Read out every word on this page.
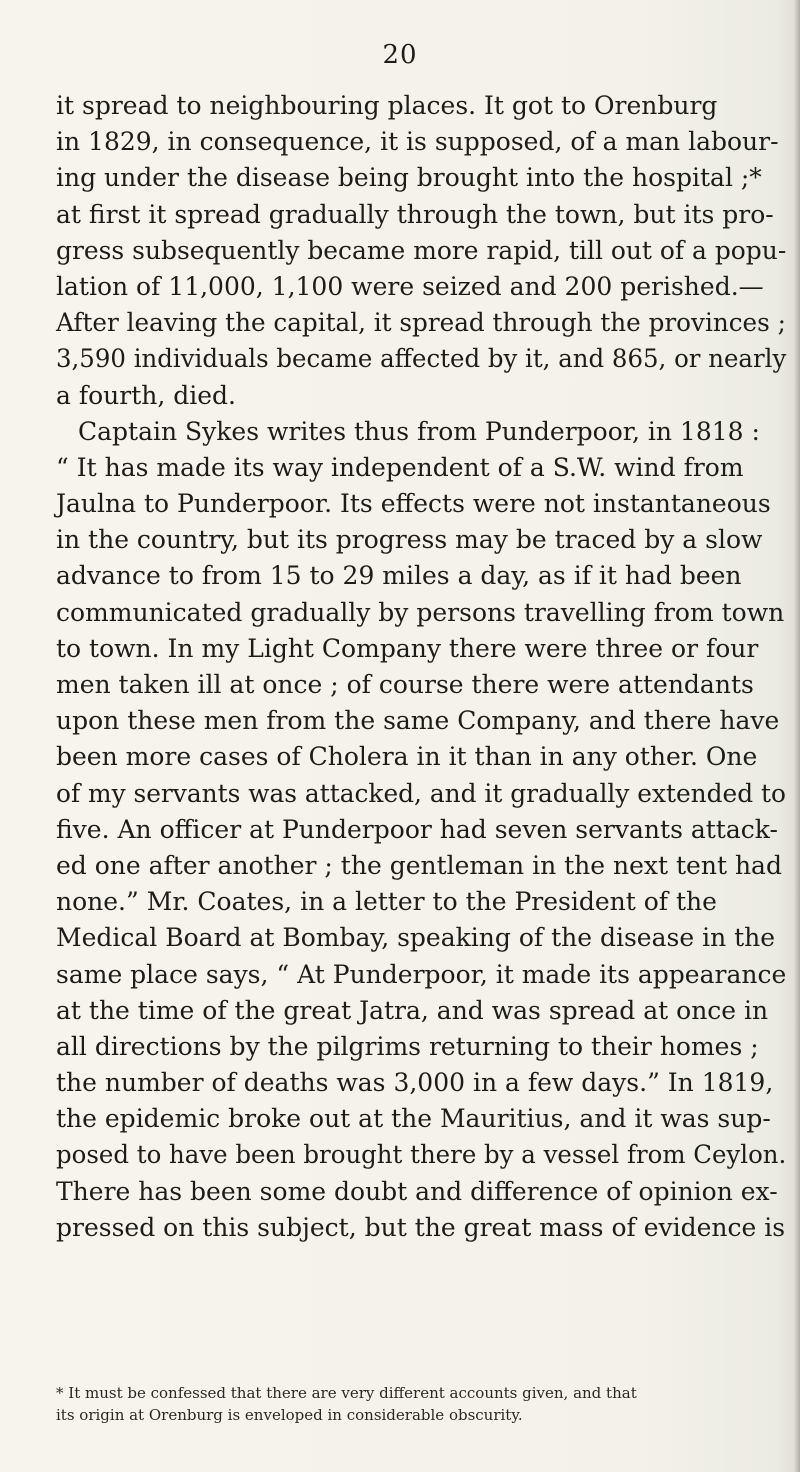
20
it spread to neighbouring places. It got to Orenburg
in 1829, in consequence, it is supposed, of a man labour-
ing under the disease being brought into the hospital ;*
at first it spread gradually through the town, but its pro-
gress subsequently became more rapid, till out of a popu-
lation of 11,000, 1,100 were seized and 200 perished.—
After leaving the capital, it spread through the provinces ;
3,590 individuals became affected by it, and 865, or nearly
a fourth, died.
Captain Sykes writes thus from Punderpoor, in 1818 :
“ It has made its way independent of a S.W. wind from
Jaulna to Punderpoor. Its effects were not instantaneous
in the country, but its progress may be traced by a slow
advance to from 15 to 29 miles a day, as if it had been
communicated gradually by persons travelling from town
to town. In my Light Company there were three or four
men taken ill at once ; of course there were attendants
upon these men from the same Company, and there have
been more cases of Cholera in it than in any other. One
of my servants was attacked, and it gradually extended to
five. An officer at Punderpoor had seven servants attack-
ed one after another ; the gentleman in the next tent had
none.” Mr. Coates, in a letter to the President of the
Medical Board at Bombay, speaking of the disease in the
same place says, “ At Punderpoor, it made its appearance
at the time of the great Jatra, and was spread at once in
all directions by the pilgrims returning to their homes ;
the number of deaths was 3,000 in a few days.” In 1819,
the epidemic broke out at the Mauritius, and it was sup-
posed to have been brought there by a vessel from Ceylon.
There has been some doubt and difference of opinion ex-
pressed on this subject, but the great mass of evidence is
* It must be confessed that there are very different accounts given, and that
its origin at Orenburg is enveloped in considerable obscurity.
